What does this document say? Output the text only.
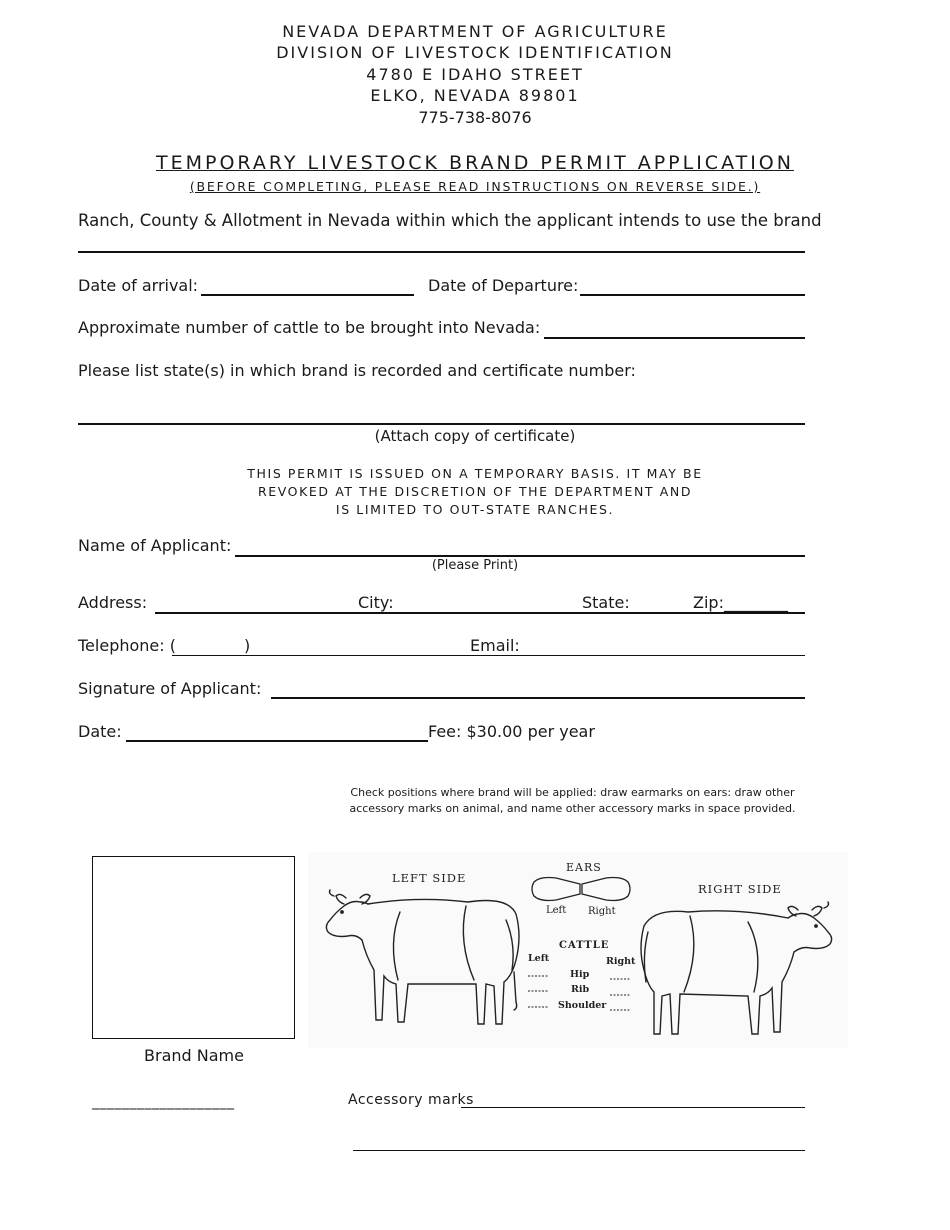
NEVADA DEPARTMENT OF AGRICULTURE
DIVISION OF LIVESTOCK IDENTIFICATION
4780 E IDAHO STREET
ELKO, NEVADA 89801
775-738-8076
TEMPORARY LIVESTOCK BRAND PERMIT APPLICATION
(BEFORE COMPLETING, PLEASE READ INSTRUCTIONS ON REVERSE SIDE.)
Ranch, County & Allotment in Nevada within which the applicant intends to use the brand
Date of arrival:	Date of Departure:
Approximate number of cattle to be brought into Nevada:
Please list state(s) in which brand is recorded and certificate number:
(Attach copy of certificate)
THIS PERMIT IS ISSUED ON A TEMPORARY BASIS. IT MAY BE
REVOKED AT THE DISCRETION OF THE DEPARTMENT AND
IS LIMITED TO OUT-STATE RANCHES.
Name of Applicant:
(Please Print)
Address:	City:	State:	Zip:________
Telephone: (	)	Email:
Signature of Applicant:
Date:	Fee: $30.00 per year
Check positions where brand will be applied: draw earmarks on ears: draw other
accessory marks on animal, and name other accessory marks in space provided.
Brand Name
___________________
LEFT SIDE
RIGHT SIDE
EARS
Left Right
CATTLE
Left	Right
Hip
Rib
Shoulder
Accessory marks
